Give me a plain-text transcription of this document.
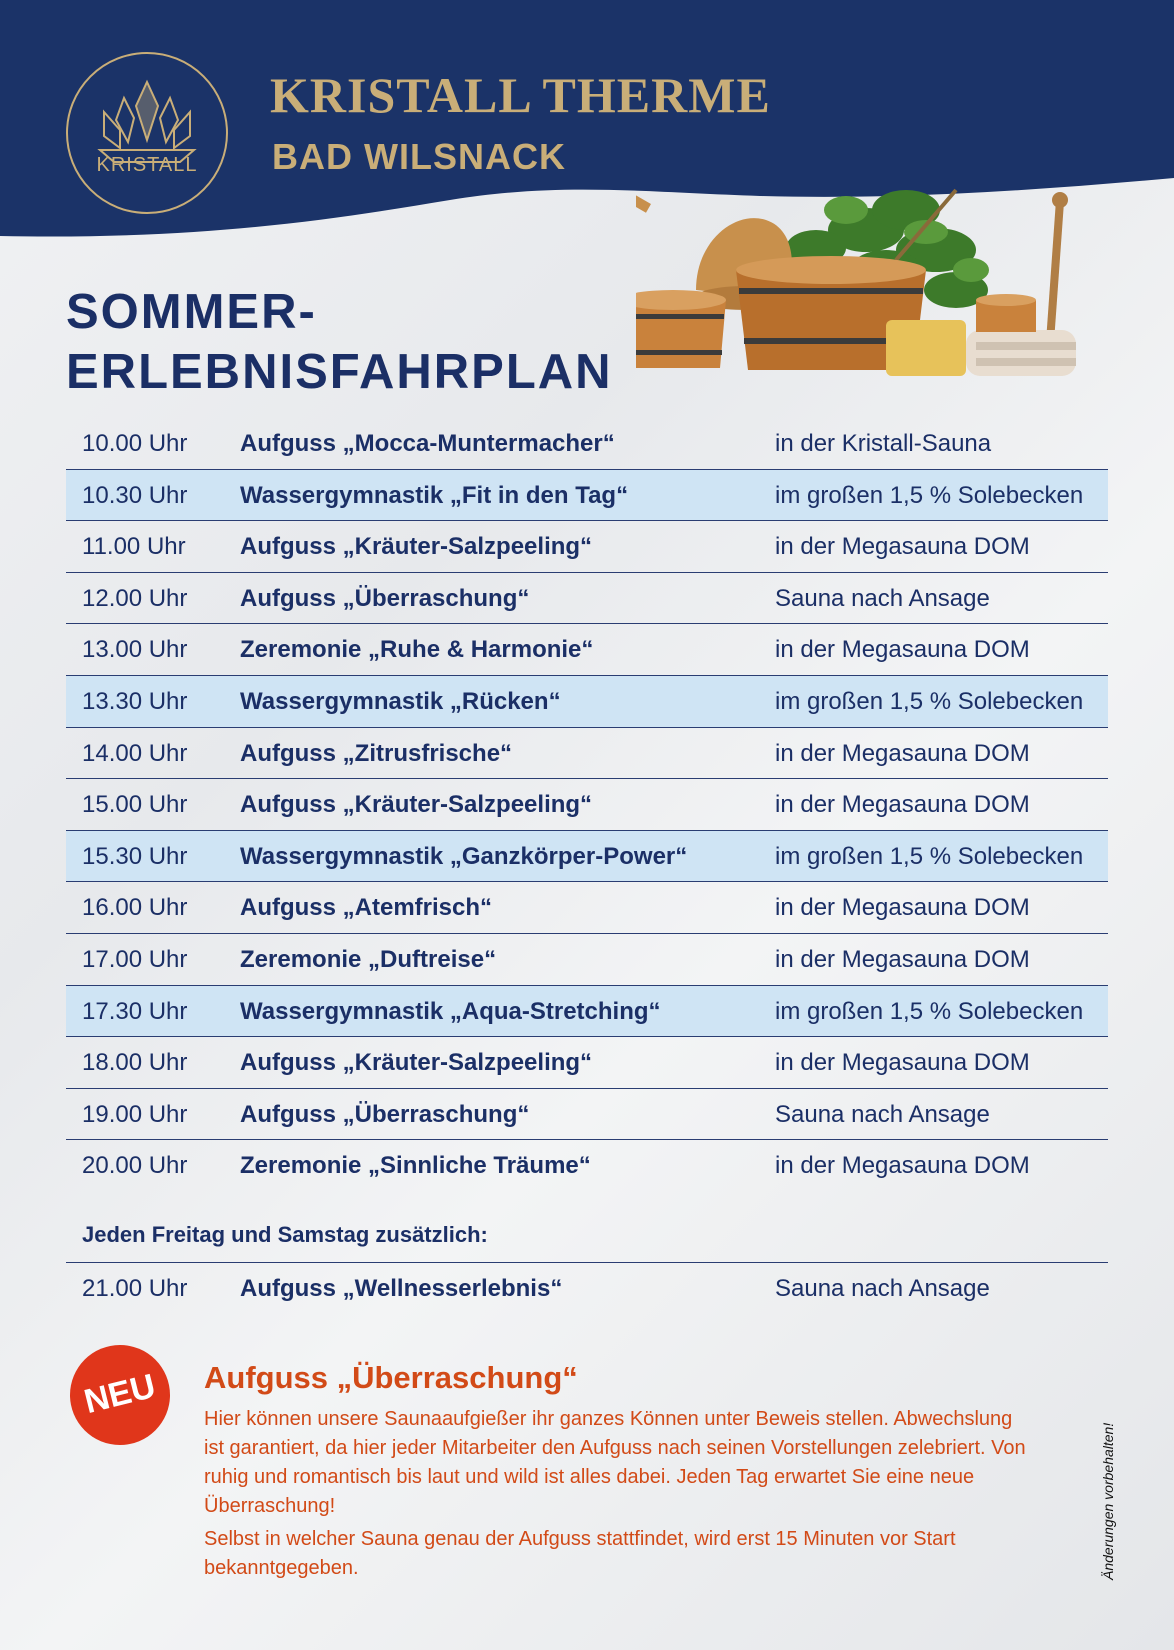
KRISTALL
KRISTALL THERME
BAD WILSNACK
SOMMER-
ERLEBNISFAHRPLAN
10.00 Uhr Aufguss „Mocca-Muntermacher“	in der Kristall-Sauna
10.30 Uhr Wassergymnastik „Fit in den Tag“	im großen 1,5 % Solebecken
11.00 Uhr Aufguss „Kräuter-Salzpeeling“	in der Megasauna DOM
12.00 Uhr Aufguss „Überraschung“	Sauna nach Ansage
13.00 Uhr Zeremonie „Ruhe & Harmonie“	in der Megasauna DOM
13.30 Uhr Wassergymnastik „Rücken“	im großen 1,5 % Solebecken
14.00 Uhr Aufguss „Zitrusfrische“	in der Megasauna DOM
15.00 Uhr Aufguss „Kräuter-Salzpeeling“	in der Megasauna DOM
15.30 Uhr Wassergymnastik „Ganzkörper-Power“	im großen 1,5 % Solebecken
16.00 Uhr Aufguss „Atemfrisch“	in der Megasauna DOM
17.00 Uhr Zeremonie „Duftreise“	in der Megasauna DOM
17.30 Uhr Wassergymnastik „Aqua-Stretching“	im großen 1,5 % Solebecken
18.00 Uhr Aufguss „Kräuter-Salzpeeling“	in der Megasauna DOM
19.00 Uhr Aufguss „Überraschung“	Sauna nach Ansage
20.00 Uhr Zeremonie „Sinnliche Träume“	in der Megasauna DOM
Jeden Freitag und Samstag zusätzlich:
21.00 Uhr Aufguss „Wellnesserlebnis“	Sauna nach Ansage
NEU	Aufguss „Überraschung“

Hier können unsere Saunaaufgießer ihr ganzes Können unter Beweis stellen. Abwechslung ist garantiert, da hier jeder Mitarbeiter den Aufguss nach seinen Vorstellungen zelebriert. Von ruhig und romantisch bis laut und wild ist alles dabei. Jeden Tag erwartet Sie eine neue Überraschung!

Selbst in welcher Sauna genau der Aufguss stattfindet, wird erst 15 Minuten vor Start bekanntgegeben.	Änderungen vorbehalten!
